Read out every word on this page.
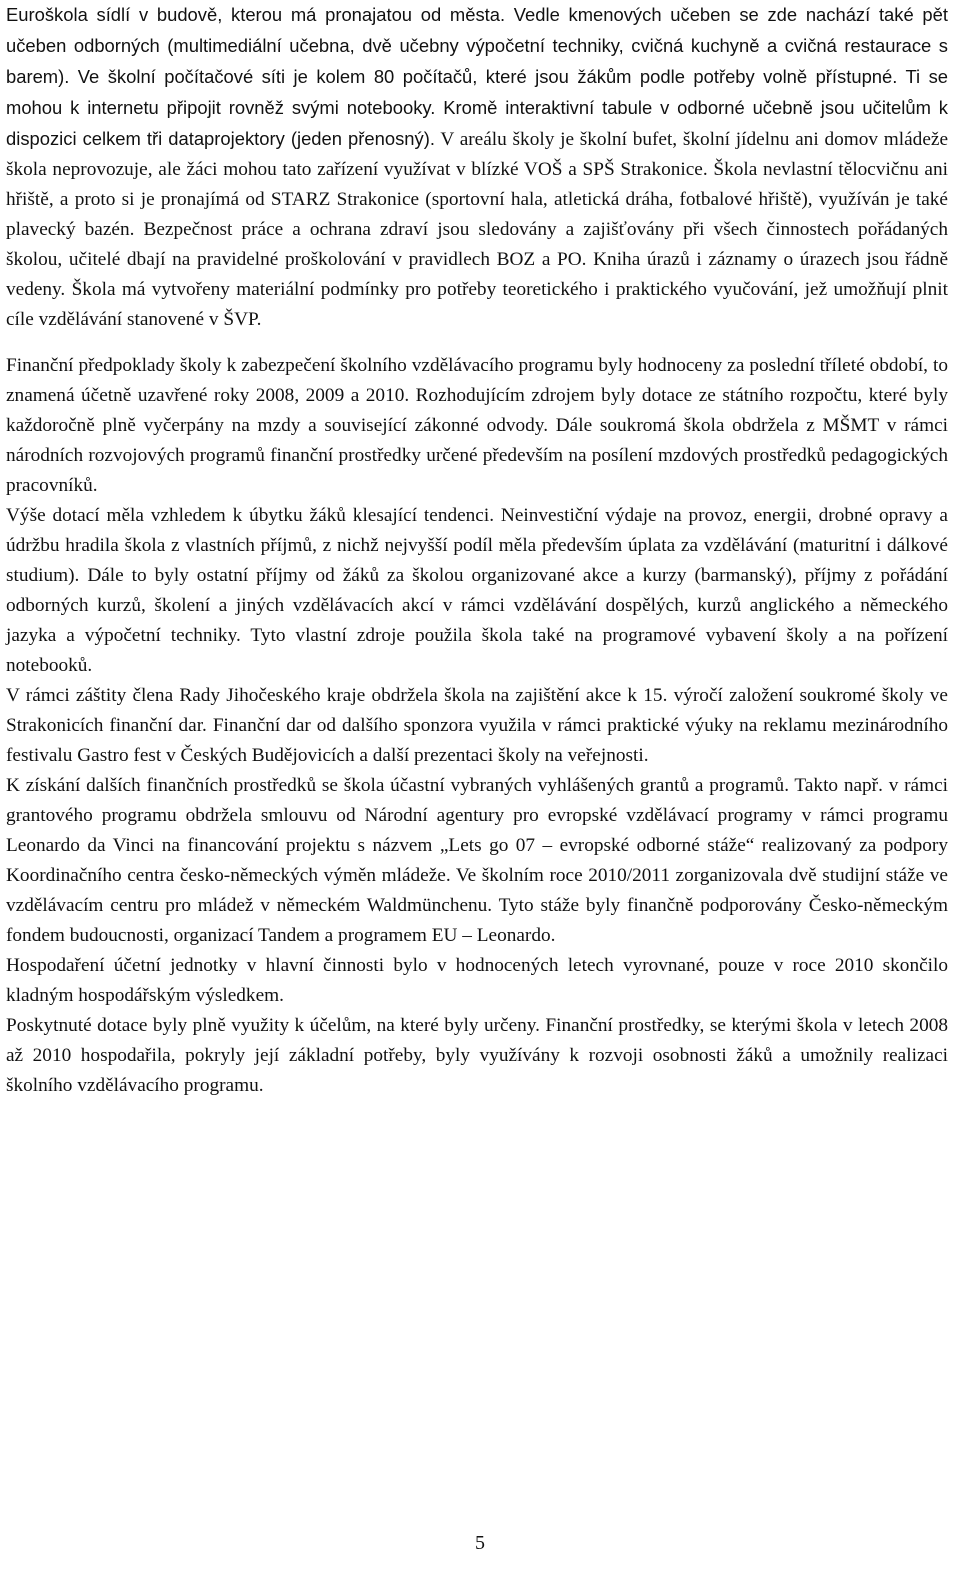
Euroškola sídlí v budově, kterou má pronajatou od města. Vedle kmenových učeben se zde nachází také pět učeben odborných (multimediální učebna, dvě učebny výpočetní techniky, cvičná kuchyně a cvičná restaurace s barem). Ve školní počítačové síti je kolem 80 počítačů, které jsou žákům podle potřeby volně přístupné. Ti se mohou k internetu připojit rovněž svými notebooky. Kromě interaktivní tabule v odborné učebně jsou učitelům k dispozici celkem tři dataprojektory (jeden přenosný). V areálu školy je školní bufet, školní jídelnu ani domov mládeže škola neprovozuje, ale žáci mohou tato zařízení využívat v blízké VOŠ a SPŠ Strakonice. Škola nevlastní tělocvičnu ani hřiště, a proto si je pronajímá od STARZ Strakonice (sportovní hala, atletická dráha, fotbalové hřiště), využíván je také plavecký bazén. Bezpečnost práce a ochrana zdraví jsou sledovány a zajišťovány při všech činnostech pořádaných školou, učitelé dbají na pravidelné proškolování v pravidlech BOZ a PO. Kniha úrazů i záznamy o úrazech jsou řádně vedeny. Škola má vytvořeny materiální podmínky pro potřeby teoretického i praktického vyučování, jež umožňují plnit cíle vzdělávání stanovené v ŠVP.

Finanční předpoklady školy k zabezpečení školního vzdělávacího programu byly hodnoceny za poslední tříleté období, to znamená účetně uzavřené roky 2008, 2009 a 2010. Rozhodujícím zdrojem byly dotace ze státního rozpočtu, které byly každoročně plně vyčerpány na mzdy a související zákonné odvody. Dále soukromá škola obdržela z MŠMT v rámci národních rozvojových programů finanční prostředky určené především na posílení mzdových prostředků pedagogických pracovníků.

Výše dotací měla vzhledem k úbytku žáků klesající tendenci. Neinvestiční výdaje na provoz, energii, drobné opravy a údržbu hradila škola z vlastních příjmů, z nichž nejvyšší podíl měla především úplata za vzdělávání (maturitní i dálkové studium). Dále to byly ostatní příjmy od žáků za školou organizované akce a kurzy (barmanský), příjmy z pořádání odborných kurzů, školení a jiných vzdělávacích akcí v rámci vzdělávání dospělých, kurzů anglického a německého jazyka a výpočetní techniky. Tyto vlastní zdroje použila škola také na programové vybavení školy a na pořízení notebooků.

V rámci záštity člena Rady Jihočeského kraje obdržela škola na zajištění akce k 15. výročí založení soukromé školy ve Strakonicích finanční dar. Finanční dar od dalšího sponzora využila v rámci praktické výuky na reklamu mezinárodního festivalu Gastro fest v Českých Budějovicích a další prezentaci školy na veřejnosti.

K získání dalších finančních prostředků se škola účastní vybraných vyhlášených grantů a programů. Takto např. v rámci grantového programu obdržela smlouvu od Národní agentury pro evropské vzdělávací programy v rámci programu Leonardo da Vinci na financování projektu s názvem „Lets go 07 – evropské odborné stáže“ realizovaný za podpory Koordinačního centra česko-německých výměn mládeže. Ve školním roce 2010/2011 zorganizovala dvě studijní stáže ve vzdělávacím centru pro mládež v německém Waldmünchenu. Tyto stáže byly finančně podporovány Česko-německým fondem budoucnosti, organizací Tandem a programem EU – Leonardo.

Hospodaření účetní jednotky v hlavní činnosti bylo v hodnocených letech vyrovnané, pouze v roce 2010 skončilo kladným hospodářským výsledkem.

Poskytnuté dotace byly plně využity k účelům, na které byly určeny. Finanční prostředky, se kterými škola v letech 2008 až 2010 hospodařila, pokryly její základní potřeby, byly využívány k rozvoji osobnosti žáků a umožnily realizaci školního vzdělávacího programu.

5
